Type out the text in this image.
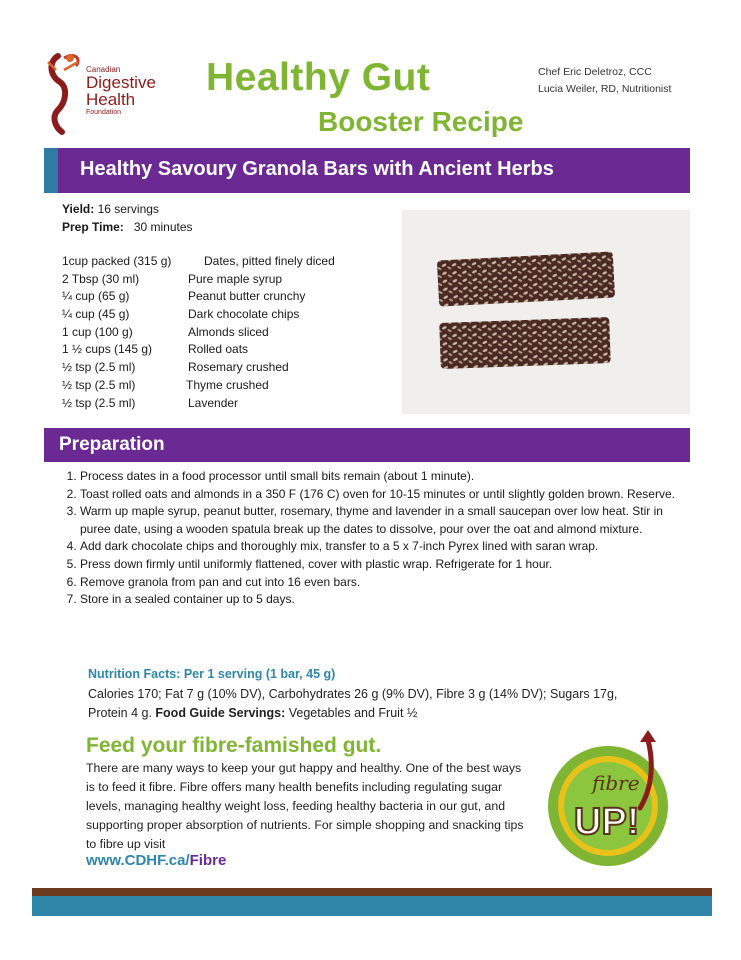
Canadian
Digestive
Health
Foundation
Healthy Gut
Booster Recipe
Chef Eric Deletroz, CCC
Lucia Weiler, RD, Nutritionist
Healthy Savoury Granola Bars with Ancient Herbs
Yield: 16 servings
Prep Time:   30 minutes
1cup packed (315 g)	Dates, pitted finely diced
2 Tbsp (30 ml)	Pure maple syrup
¼ cup (65 g)	Peanut butter crunchy
¼ cup (45 g)	Dark chocolate chips
1 cup (100 g)	Almonds sliced
1 ½ cups (145 g)	Rolled oats
½ tsp (2.5 ml)	Rosemary crushed
½ tsp (2.5 ml)	Thyme crushed
½ tsp (2.5 ml)	Lavender
Preparation
1. Process dates in a food processor until small bits remain (about 1 minute).
2. Toast rolled oats and almonds in a 350 F (176 C) oven for 10-15 minutes or until slightly golden brown. Reserve.
3. Warm up maple syrup, peanut butter, rosemary, thyme and lavender in a small saucepan over low heat. Stir in puree date, using a wooden spatula break up the dates to dissolve, pour over the oat and almond mixture.
4. Add dark chocolate chips and thoroughly mix, transfer to a 5 x 7-inch Pyrex lined with saran wrap.
5. Press down firmly until uniformly flattened, cover with plastic wrap. Refrigerate for 1 hour.
6. Remove granola from pan and cut into 16 even bars.
7. Store in a sealed container up to 5 days.
Nutrition Facts: Per 1 serving (1 bar, 45 g)
Calories 170; Fat 7 g (10% DV), Carbohydrates 26 g (9% DV), Fibre 3 g (14% DV); Sugars 17g, Protein 4 g. Food Guide Servings: Vegetables and Fruit ½
Feed your fibre-famished gut.
There are many ways to keep your gut happy and healthy. One of the best ways is to feed it fibre. Fibre offers many health benefits including regulating sugar levels, managing healthy weight loss, feeding healthy bacteria in our gut, and supporting proper absorption of nutrients. For simple shopping and snacking tips to fibre up visit
www.CDHF.ca/Fibre
fibre
UP!
